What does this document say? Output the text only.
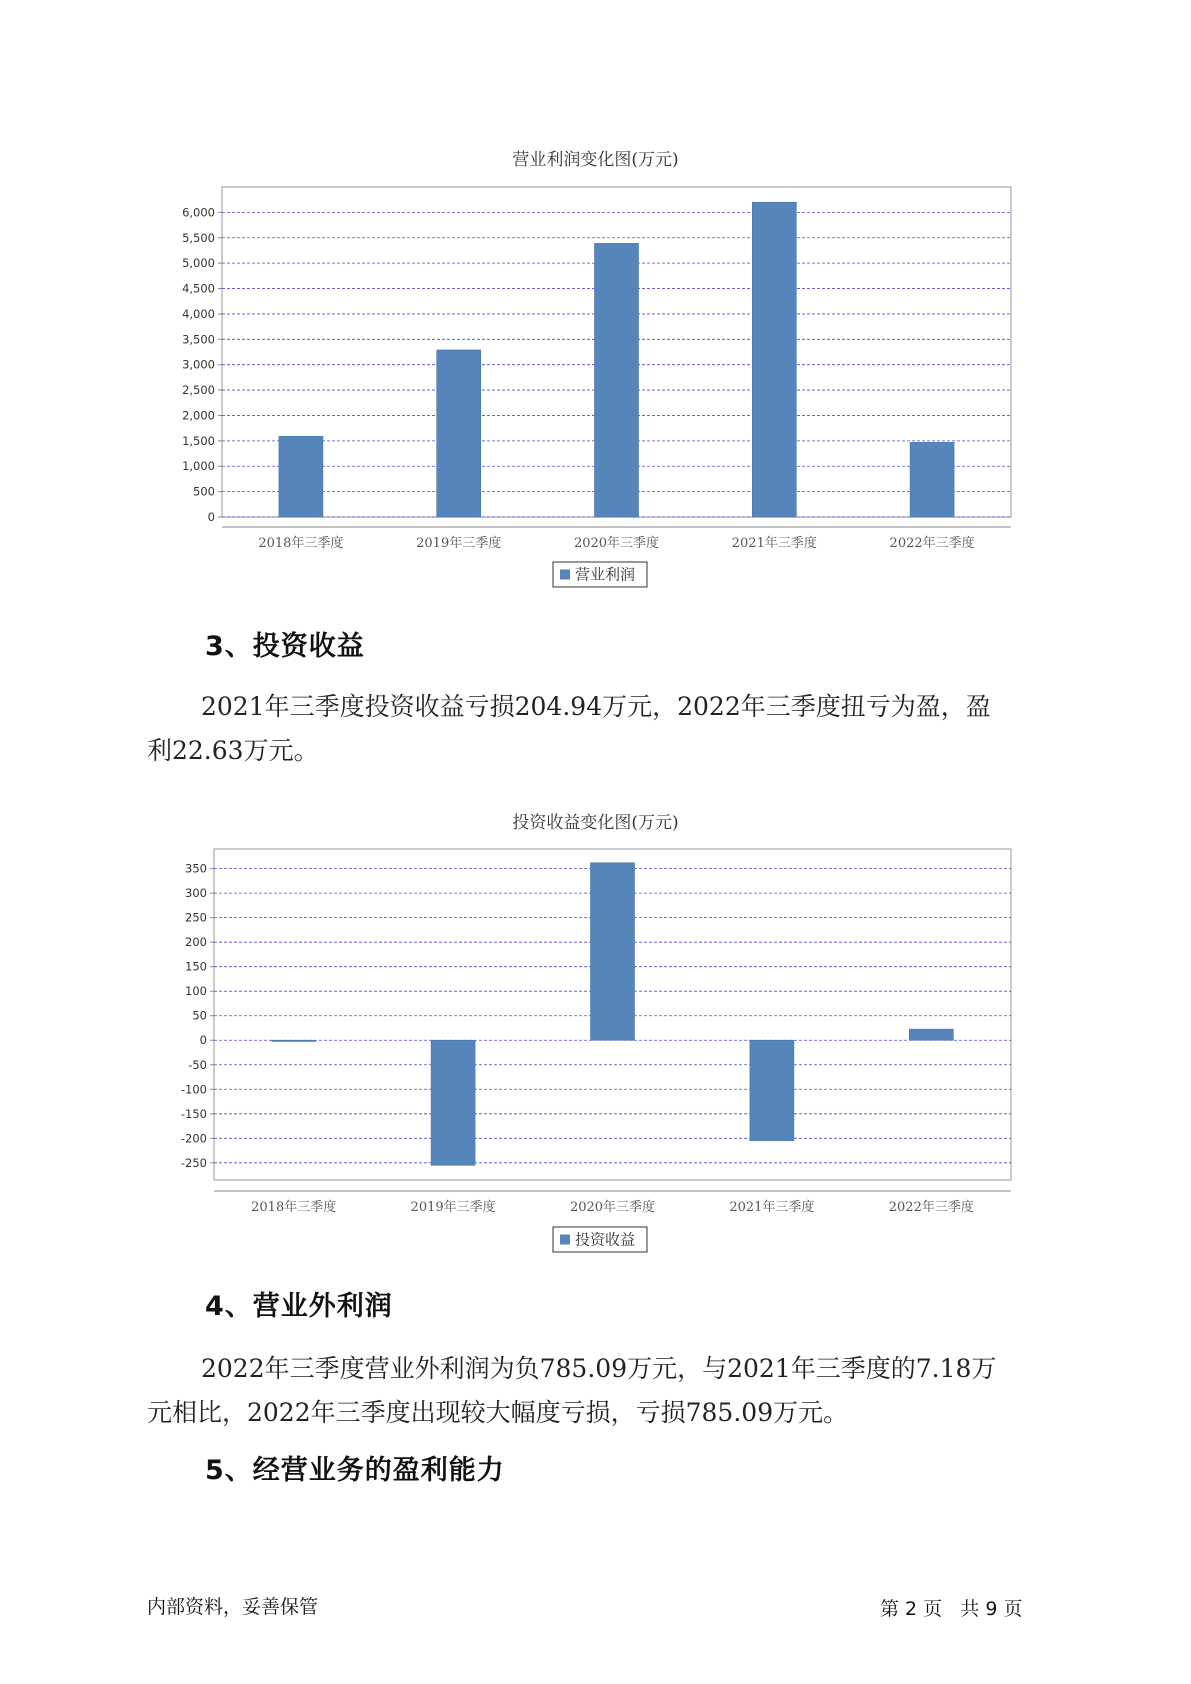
营业利润变化图(万元)
0
500
1,000
1,500
2,000
2,500
3,000
3,500
4,000
4,500
5,000
5,500
6,000
2018年三季度	2019年三季度	2020年三季度	2021年三季度	2022年三季度
营业利润
3、投资收益

2021年三季度投资收益亏损204.94万元，2022年三季度扭亏为盈，盈
利22.63万元。

投资收益变化图(万元)
-250
-200
-150
-100
-50
0
50
100
150
200
250
300
350
2018年三季度	2019年三季度	2020年三季度	2021年三季度	2022年三季度
投资收益
4、营业外利润

2022年三季度营业外利润为负785.09万元，与2021年三季度的7.18万
元相比，2022年三季度出现较大幅度亏损，亏损785.09万元。

5、经营业务的盈利能力
内部资料，妥善保管	第 2 页   共 9 页
